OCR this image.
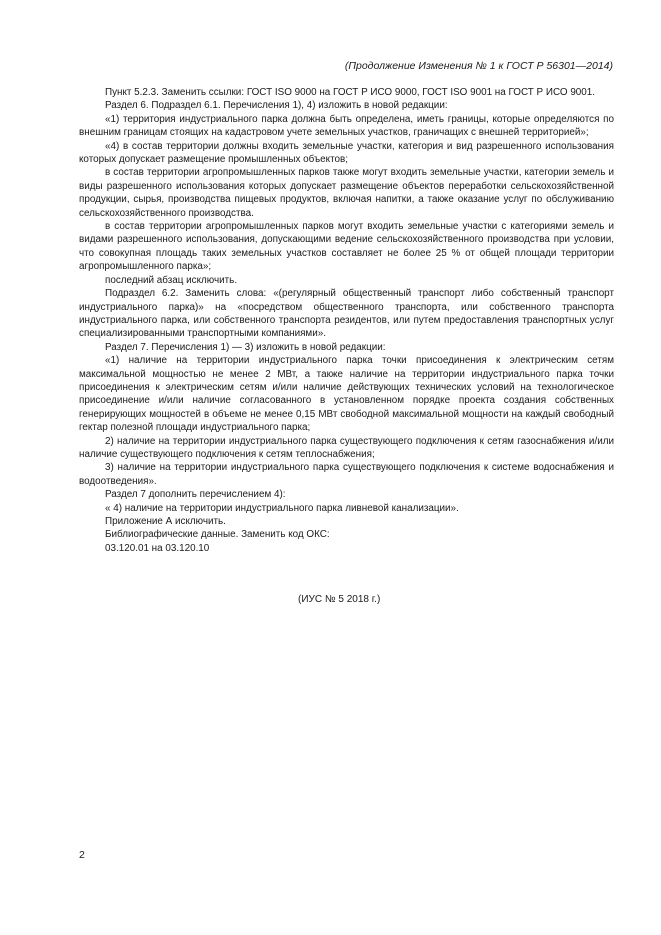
(Продолжение Изменения № 1 к ГОСТ Р 56301—2014)

Пункт 5.2.3. Заменить ссылки: ГОСТ ISO 9000 на ГОСТ Р ИСО 9000, ГОСТ ISO 9001 на ГОСТ Р ИСО 9001.

Раздел 6. Подраздел 6.1. Перечисления 1), 4) изложить в новой редакции:

«1) территория индустриального парка должна быть определена, иметь границы, которые определяются по внешним границам стоящих на кадастровом учете земельных участков, граничащих с внешней территорией»;

«4) в состав территории должны входить земельные участки, категория и вид разрешенного использования которых допускает размещение промышленных объектов;

в состав территории агропромышленных парков также могут входить земельные участки, категории земель и виды разрешенного использования которых допускает размещение объектов переработки сельскохозяйственной продукции, сырья, производства пищевых продуктов, включая напитки, а также оказание услуг по обслуживанию сельскохозяйственного производства.

в состав территории агропромышленных парков могут входить земельные участки с категориями земель и видами разрешенного использования, допускающими ведение сельскохозяйственного производства при условии, что совокупная площадь таких земельных участков составляет не более 25 % от общей площади территории агропромышленного парка»;

последний абзац исключить.

Подраздел 6.2. Заменить слова: «(регулярный общественный транспорт либо собственный транспорт индустриального парка)» на «посредством общественного транспорта, или собственного транспорта индустриального парка, или собственного транспорта резидентов, или путем предоставления транспортных услуг специализированными транспортными компаниями».

Раздел 7. Перечисления 1) — 3) изложить в новой редакции:

«1) наличие на территории индустриального парка точки присоединения к электрическим сетям максимальной мощностью не менее 2 МВт, а также наличие на территории индустриального парка точки присоединения к электрическим сетям и/или наличие действующих технических условий на технологическое присоединение и/или наличие согласованного в установленном порядке проекта создания собственных генерирующих мощностей в объеме не менее 0,15 МВт свободной максимальной мощности на каждый свободный гектар полезной площади индустриального парка;

2) наличие на территории индустриального парка существующего подключения к сетям газоснабжения и/или наличие существующего подключения к сетям теплоснабжения;

3) наличие на территории индустриального парка существующего подключения к системе водоснабжения и водоотведения».

Раздел 7 дополнить перечислением 4):

« 4) наличие на территории индустриального парка ливневой канализации».

Приложение А исключить.

Библиографические данные. Заменить код ОКС:

03.120.01 на 03.120.10

(ИУС № 5 2018 г.)
2
